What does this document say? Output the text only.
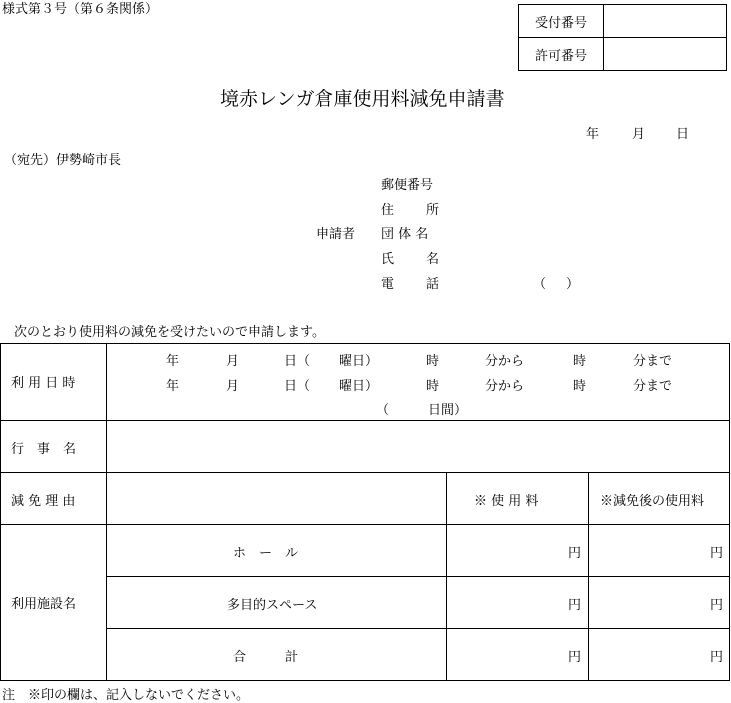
様式第３号（第６条関係）
受付番号	
許可番号	
境赤レンガ倉庫使用料減免申請書
年	月 日
（宛先）伊勢崎市長
郵便番号
住 所
申請者 団 体 名
氏 名
電 話	（ ）
次のとおり使用料の減免を受けたいので申請します。
利 用 日 時
年	月	日（ 曜日）	時	分から	時	分まで
年	月	日（ 曜日）	時	分から	時	分まで
（	日間）
行　事　名
減 免 理 由	※ 使 用 料	※減免後の使用料
利用施設名
ホ　ー　ル	円	円
多目的スペース	円	円
合　　　計	円	円
注　※印の欄は、記入しないでください。
